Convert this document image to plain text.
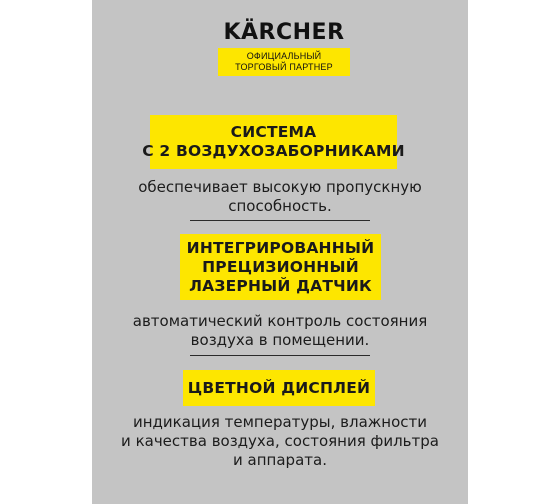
KÄRCHER
ОФИЦИАЛЬНЫЙ
ТОРГОВЫЙ ПАРТНЕР
СИСТЕМА
С 2 ВОЗДУХОЗАБОРНИКАМИ
обеспечивает высокую пропускную
способность.
ИНТЕГРИРОВАННЫЙ
ПРЕЦИЗИОННЫЙ
ЛАЗЕРНЫЙ ДАТЧИК
автоматический контроль состояния
воздуха в помещении.
ЦВЕТНОЙ ДИСПЛЕЙ
индикация температуры, влажности
и качества воздуха, состояния фильтра
и аппарата.
